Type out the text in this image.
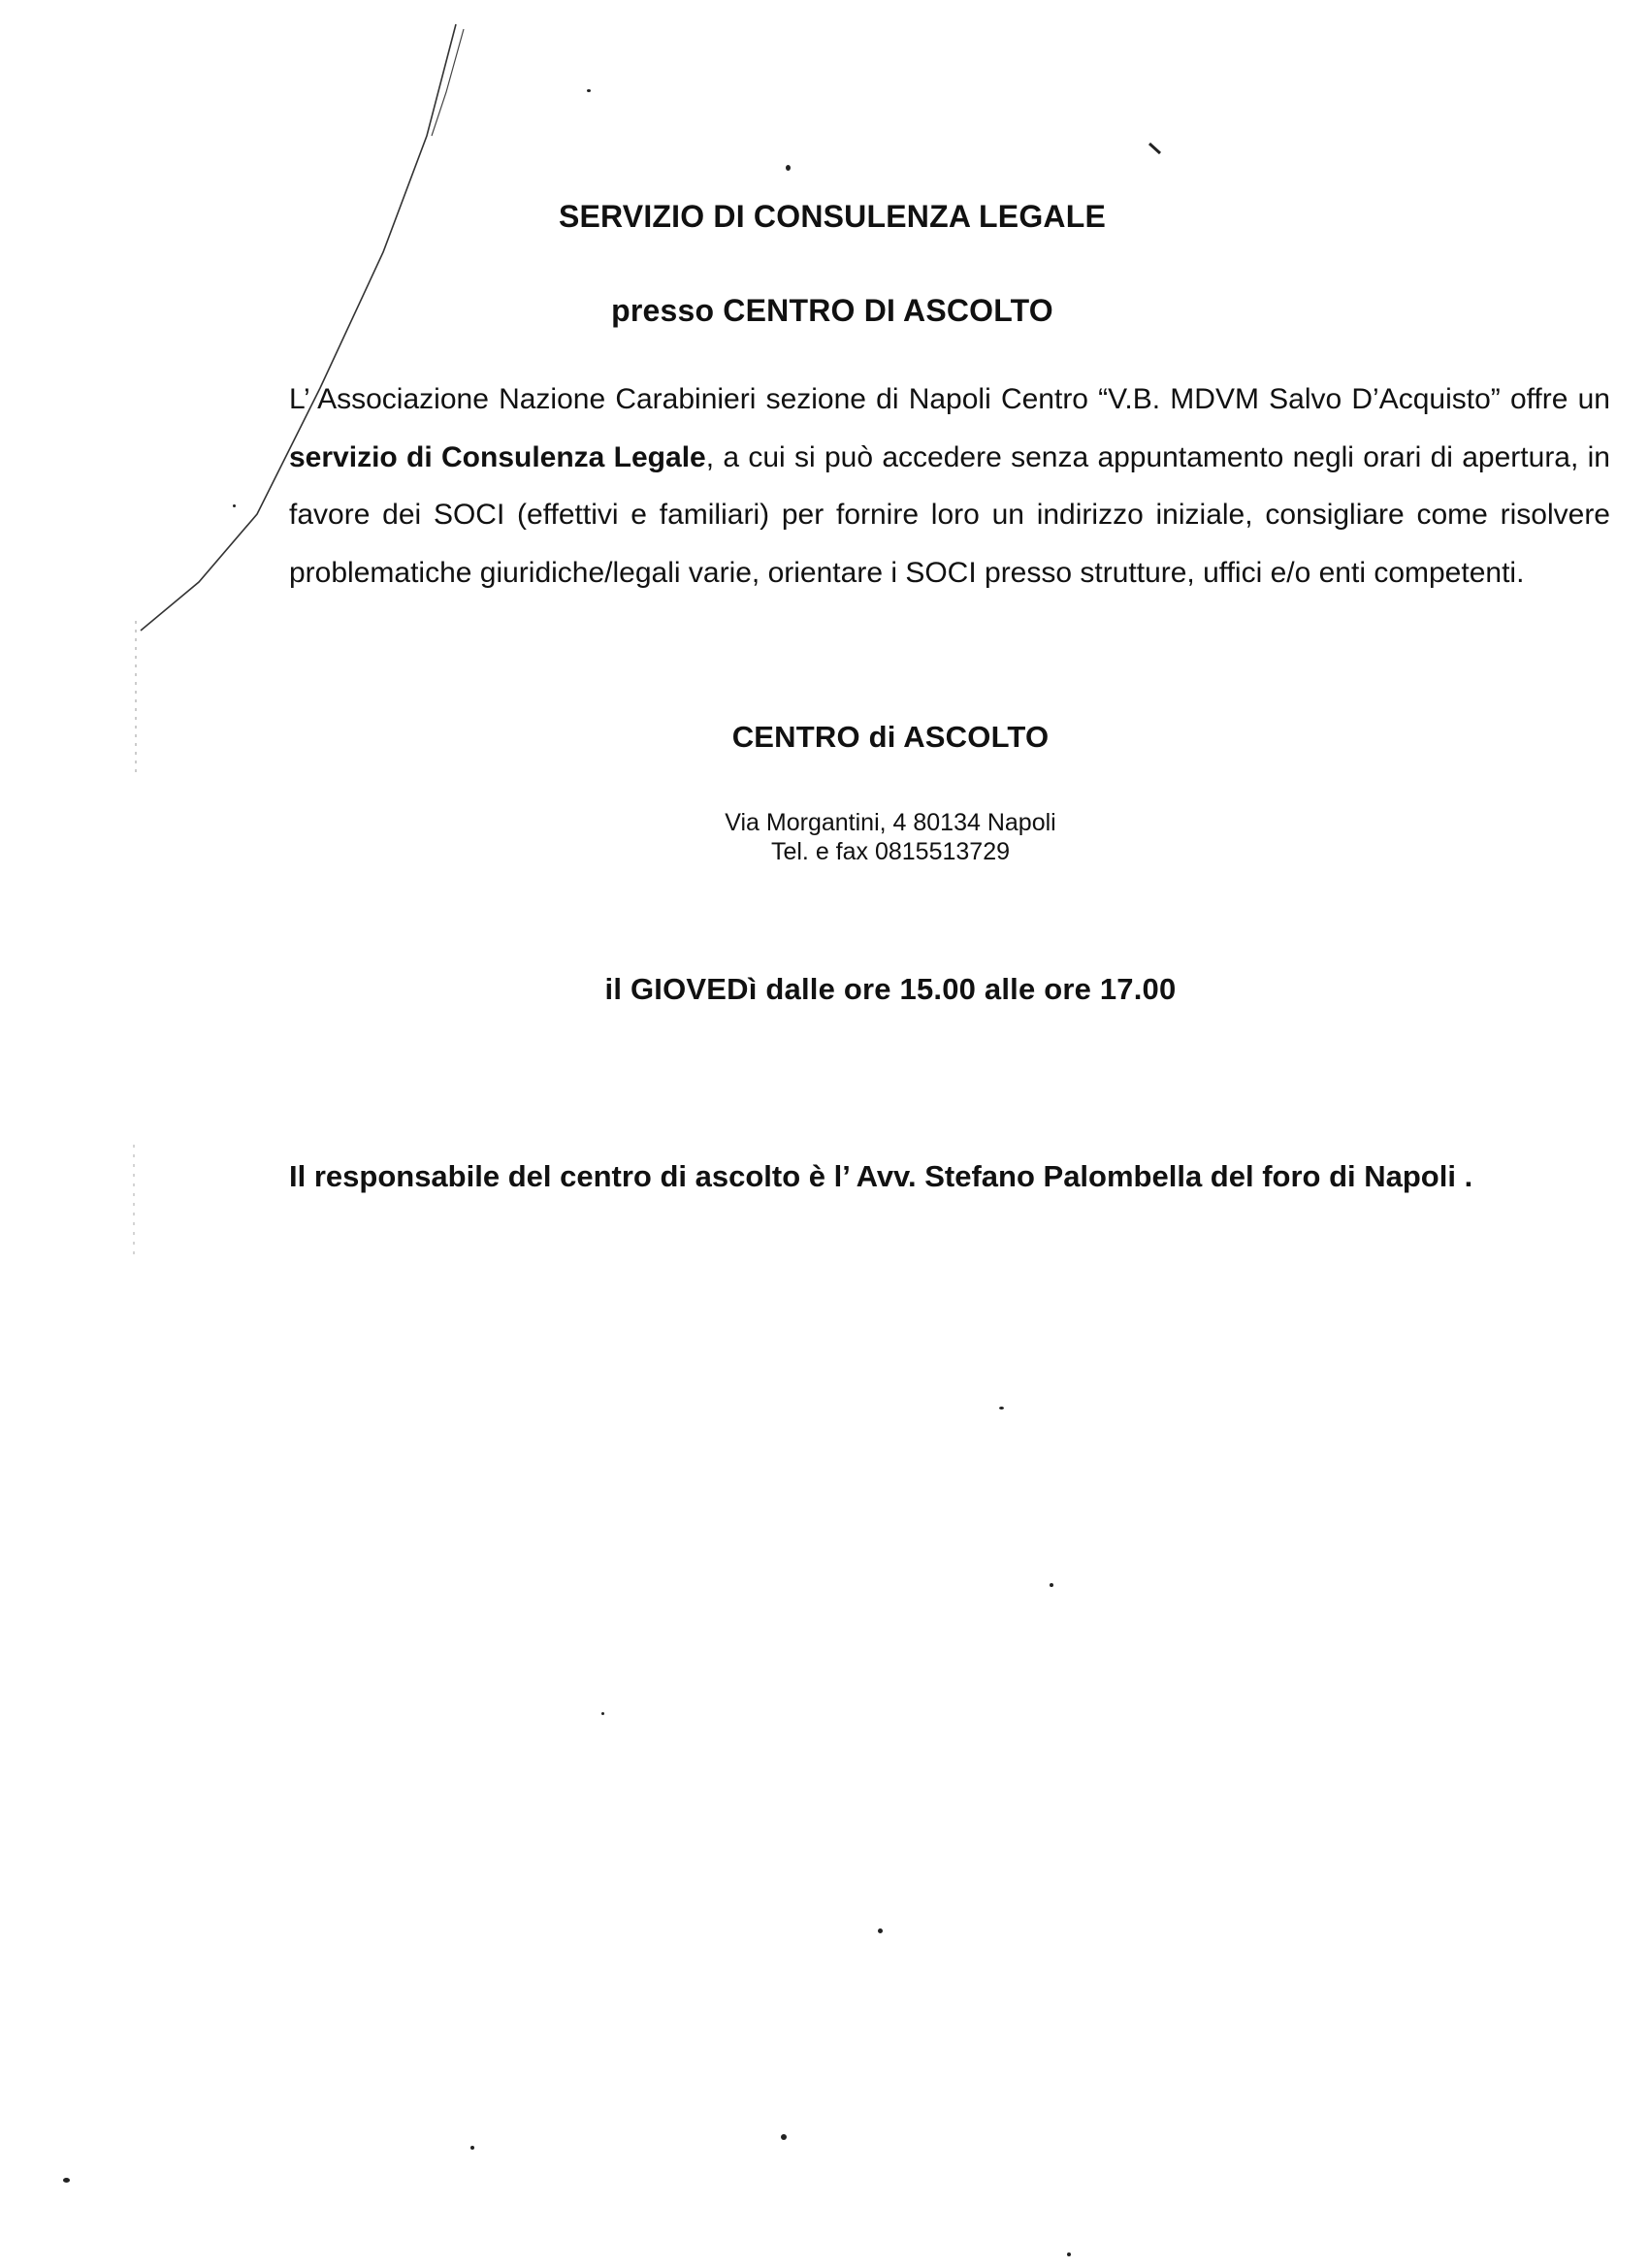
SERVIZIO DI CONSULENZA LEGALE
presso CENTRO DI ASCOLTO
L’ Associazione Nazione Carabinieri sezione di Napoli Centro “V.B. MDVM Salvo D’Acquisto” offre un servizio di Consulenza Legale, a cui si può accedere senza appuntamento negli orari di apertura, in favore dei SOCI (effettivi e familiari) per fornire loro un indirizzo iniziale, consigliare come risolvere problematiche giuridiche/legali varie, orientare i SOCI presso strutture, uffici e/o enti competenti.
CENTRO di ASCOLTO
Via Morgantini, 4 80134 Napoli
Tel. e fax 0815513729
il GIOVEDì dalle ore 15.00 alle ore 17.00
Il responsabile del centro di ascolto è l’ Avv. Stefano Palombella del foro di Napoli .
